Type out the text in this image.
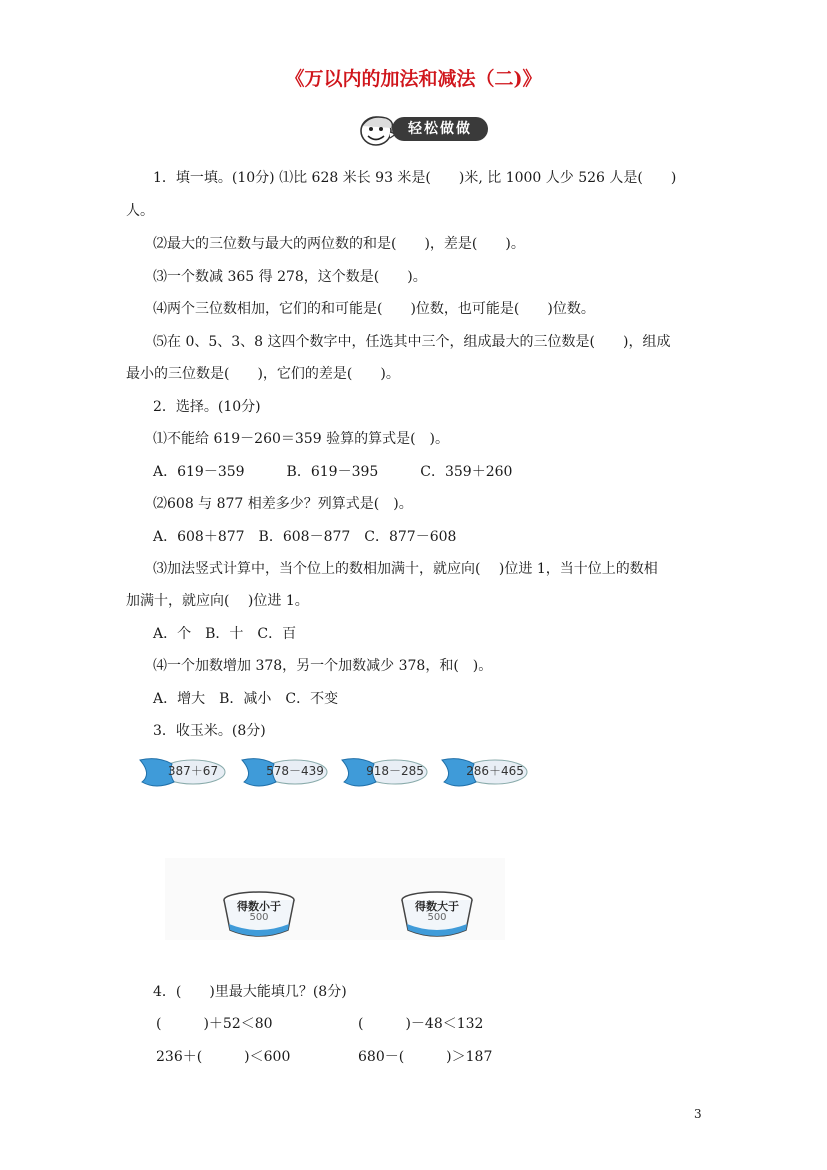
《万以内的加法和减法（二)》
轻松做做
1．填一填。(10分) ⑴比 628 米长 93 米是(　　)米, 比 1000 人少 526 人是(　　)
人。
⑵最大的三位数与最大的两位数的和是(　　)，差是(　　)。
⑶一个数减 365 得 278，这个数是(　　)。
⑷两个三位数相加，它们的和可能是(　　)位数，也可能是(　　)位数。
⑸在 0、5、3、8 这四个数字中，任选其中三个，组成最大的三位数是(　　)，组成
最小的三位数是(　　)，它们的差是(　　)。
2．选择。(10分)
⑴不能给 619－260＝359 验算的算式是(　)。
A．619－359　　　B．619－395　　　C．359＋260
⑵608 与 877 相差多少？列算式是(　)。
A．608＋877　B．608－877　C．877－608
⑶加法竖式计算中，当个位上的数相加满十，就应向(　 )位进 1，当十位上的数相
加满十，就应向(　 )位进 1。
A．个　B．十　C．百
⑷一个加数增加 378，另一个加数减少 378，和(　)。
A．增大　B．减小　C．不变
3．收玉米。(8分)
387＋67	578－439	918－285	286＋465
得数小于
500
得数大于
500
4．(　　)里最大能填几？(8分)
(　　　)＋52＜80	(　　　)－48＜132
236＋(　　　)＜600	680－(　　　)＞187
3
